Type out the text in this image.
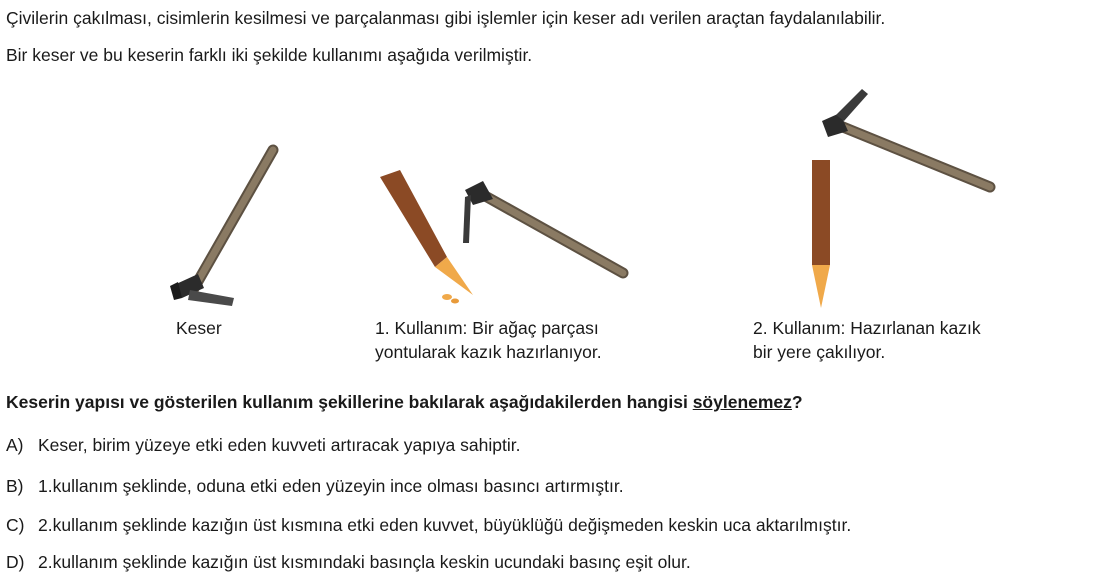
Çivilerin çakılması, cisimlerin kesilmesi ve parçalanması gibi işlemler için keser adı verilen araçtan faydalanılabilir.
Bir keser ve bu keserin farklı iki şekilde kullanımı aşağıda verilmiştir.
Keser	1. Kullanım: Bir ağaç parçası
yontularak kazık hazırlanıyor.
2. Kullanım: Hazırlanan kazık
bir yere çakılıyor.
Keserin yapısı ve gösterilen kullanım şekillerine bakılarak aşağıdakilerden hangisi söylenemez?
A) Keser, birim yüzeye etki eden kuvveti artıracak yapıya sahiptir.
B) 1.kullanım şeklinde, oduna etki eden yüzeyin ince olması basıncı artırmıştır.
C) 2.kullanım şeklinde kazığın üst kısmına etki eden kuvvet, büyüklüğü değişmeden keskin uca aktarılmıştır.
D) 2.kullanım şeklinde kazığın üst kısmındaki basınçla keskin ucundaki basınç eşit olur.
